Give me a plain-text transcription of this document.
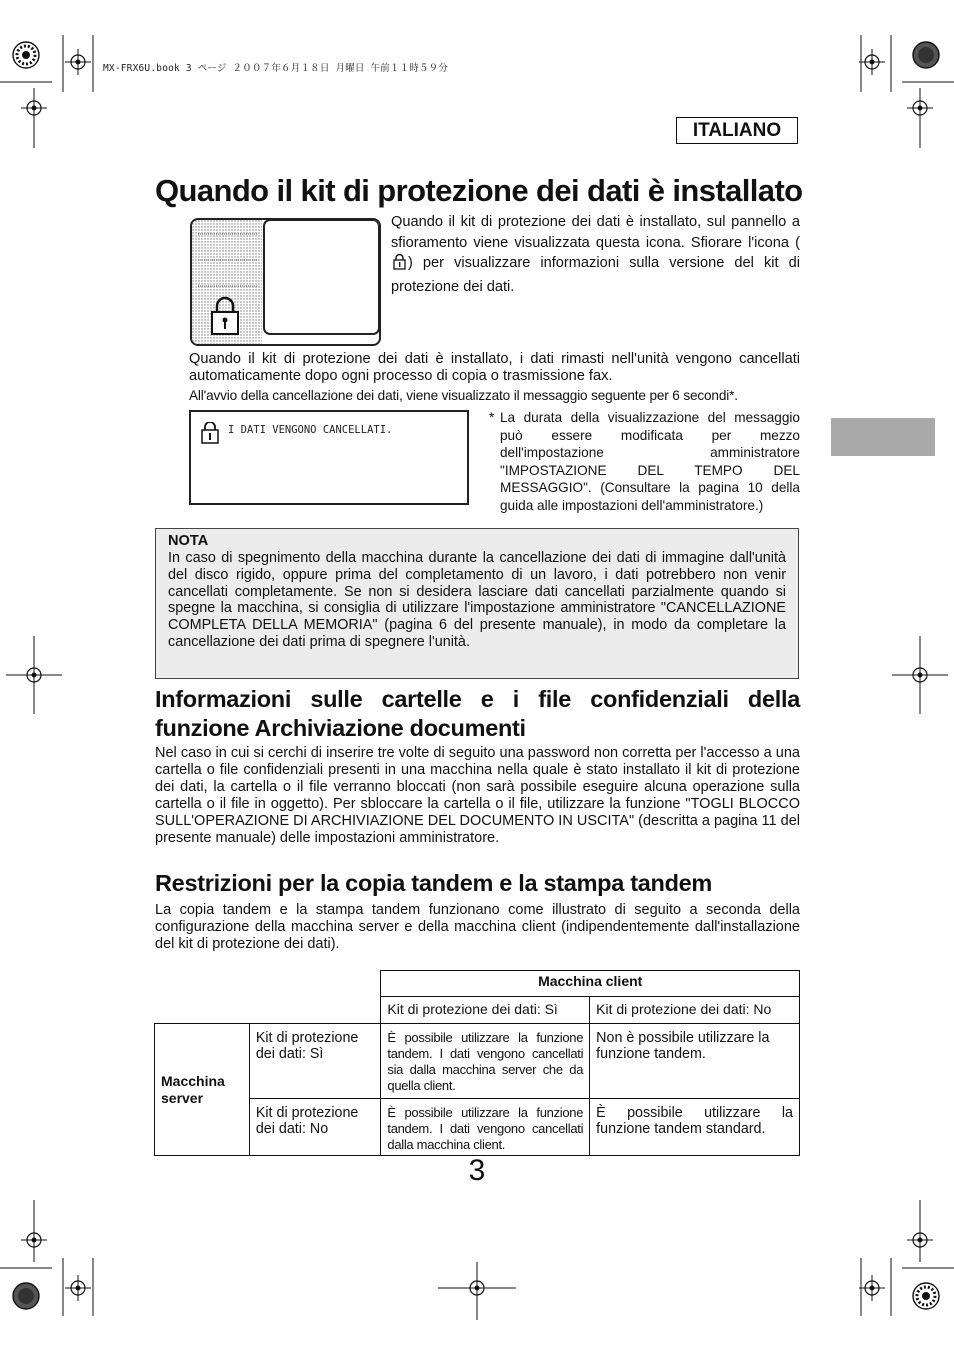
MX-FRX6U.book 3 ページ ２００７年６月１８日 月曜日 午前１１時５９分
ITALIANO
Quando il kit di protezione dei dati è installato
Quando il kit di protezione dei dati è installato, sul pannello a sfioramento viene visualizzata questa icona. Sfiorare l'icona () per visualizzare informazioni sulla versione del kit di protezione dei dati.
Quando il kit di protezione dei dati è installato, i dati rimasti nell'unità vengono cancellati automaticamente dopo ogni processo di copia o trasmissione fax.
All'avvio della cancellazione dei dati, viene visualizzato il messaggio seguente per 6 secondi*.
I DATI VENGONO CANCELLATI.
* La durata della visualizzazione del messaggio può essere modificata per mezzo dell'impostazione amministratore "IMPOSTAZIONE DEL TEMPO DEL MESSAGGIO". (Consultare la pagina 10 della guida alle impostazioni dell'amministratore.)
NOTA
In caso di spegnimento della macchina durante la cancellazione dei dati di immagine dall'unità del disco rigido, oppure prima del completamento di un lavoro, i dati potrebbero non venir cancellati completamente. Se non si desidera lasciare dati cancellati parzialmente quando si spegne la macchina, si consiglia di utilizzare l'impostazione amministratore "CANCELLAZIONE COMPLETA DELLA MEMORIA" (pagina 6 del presente manuale), in modo da completare la cancellazione dei dati prima di spegnere l'unità.
Informazioni sulle cartelle e i file confidenziali della
funzione Archiviazione documenti
Nel caso in cui si cerchi di inserire tre volte di seguito una password non corretta per l'accesso a una cartella o file confidenziali presenti in una macchina nella quale è stato installato il kit di protezione dei dati, la cartella o il file verranno bloccati (non sarà possibile eseguire alcuna operazione sulla cartella o il file in oggetto). Per sbloccare la cartella o il file, utilizzare la funzione "TOGLI BLOCCO SULL'OPERAZIONE DI ARCHIVIAZIONE DEL DOCUMENTO IN USCITA" (descritta a pagina 11 del presente manuale) delle impostazioni amministratore.
Restrizioni per la copia tandem e la stampa tandem
La copia tandem e la stampa tandem funzionano come illustrato di seguito a seconda della configurazione della macchina server e della macchina client (indipendentemente dall'installazione del kit di protezione dei dati).
		Macchina client	
		Kit di protezione dei dati: Sì	Kit di protezione dei dati: No
Macchina server	Kit di protezione dei dati: Sì	È possibile utilizzare la funzione tandem. I dati vengono cancellati sia dalla macchina server che da quella client.	Non è possibile utilizzare la funzione tandem.
	Kit di protezione dei dati: No	È possibile utilizzare la funzione tandem. I dati vengono cancellati dalla macchina client.	È possibile utilizzare la funzione tandem standard.
3
